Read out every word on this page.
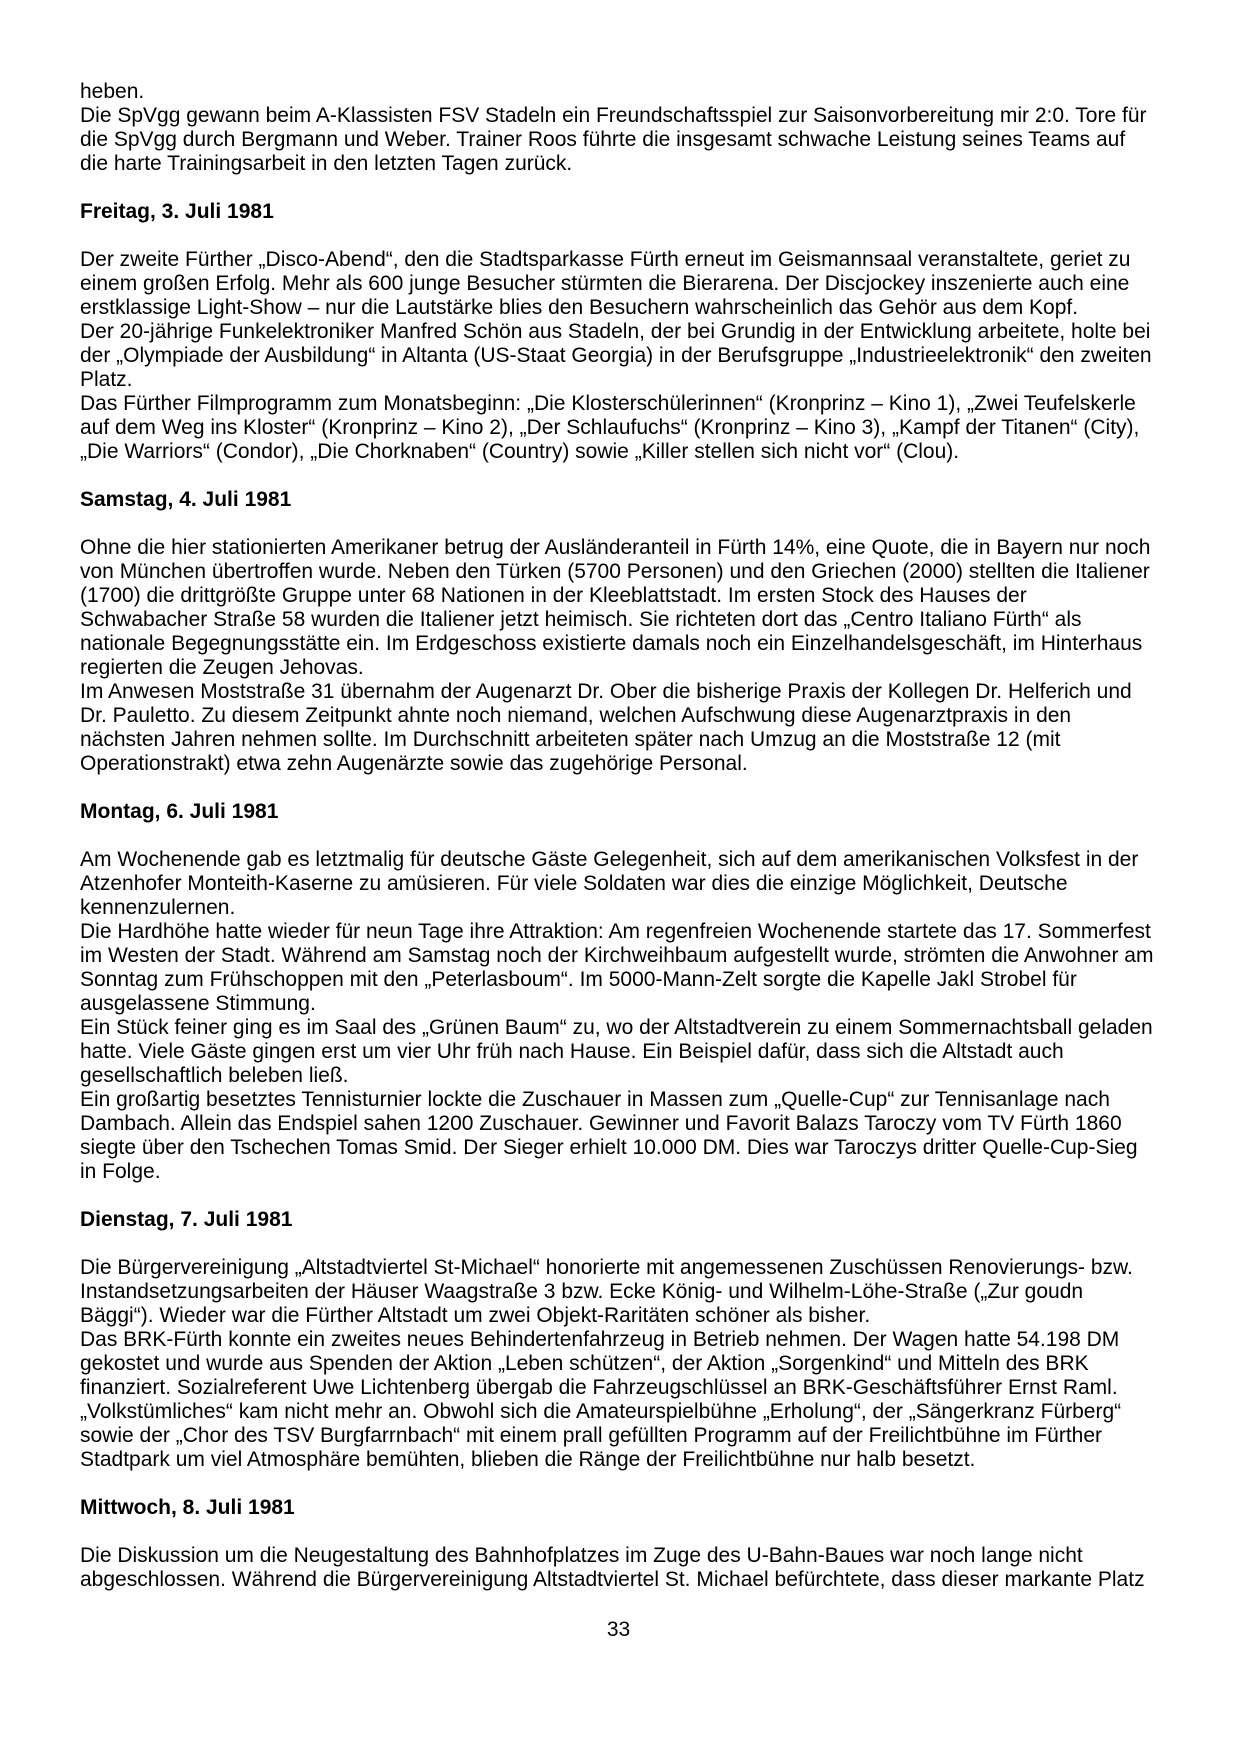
heben.

Die SpVgg gewann beim A-Klassisten FSV Stadeln ein Freundschaftsspiel zur Saisonvorbereitung mir 2:0. Tore für die SpVgg durch Bergmann und Weber. Trainer Roos führte die insgesamt schwache Leistung seines Teams auf die harte Trainingsarbeit in den letzten Tagen zurück.

Freitag, 3. Juli 1981

Der zweite Fürther „Disco-Abend“, den die Stadtsparkasse Fürth erneut im Geismannsaal veranstaltete, geriet zu einem großen Erfolg. Mehr als 600 junge Besucher stürmten die Bierarena. Der Discjockey inszenierte auch eine erstklassige Light-Show – nur die Lautstärke blies den Besuchern wahrscheinlich das Gehör aus dem Kopf.

Der 20-jährige Funkelektroniker Manfred Schön aus Stadeln, der bei Grundig in der Entwicklung arbeitete, holte bei der „Olympiade der Ausbildung“ in Altanta (US-Staat Georgia) in der Berufsgruppe „Industrieelektronik“ den zweiten Platz.

Das Fürther Filmprogramm zum Monatsbeginn: „Die Klosterschülerinnen“ (Kronprinz – Kino 1), „Zwei Teufelskerle auf dem Weg ins Kloster“ (Kronprinz – Kino 2), „Der Schlaufuchs“ (Kronprinz – Kino 3), „Kampf der Titanen“ (City), „Die Warriors“ (Condor), „Die Chorknaben“ (Country) sowie „Killer stellen sich nicht vor“ (Clou).

Samstag, 4. Juli 1981

Ohne die hier stationierten Amerikaner betrug der Ausländeranteil in Fürth 14%, eine Quote, die in Bayern nur noch von München übertroffen wurde. Neben den Türken (5700 Personen) und den Griechen (2000) stellten die Italiener (1700) die drittgrößte Gruppe unter 68 Nationen in der Kleeblattstadt. Im ersten Stock des Hauses der Schwabacher Straße 58 wurden die Italiener jetzt heimisch. Sie richteten dort das „Centro Italiano Fürth“ als nationale Begegnungsstätte ein. Im Erdgeschoss existierte damals noch ein Einzelhandelsgeschäft, im Hinterhaus regierten die Zeugen Jehovas.

Im Anwesen Moststraße 31 übernahm der Augenarzt Dr. Ober die bisherige Praxis der Kollegen Dr. Helferich und Dr. Pauletto. Zu diesem Zeitpunkt ahnte noch niemand, welchen Aufschwung diese Augenarztpraxis in den nächsten Jahren nehmen sollte. Im Durchschnitt arbeiteten später nach Umzug an die Moststraße 12 (mit Operationstrakt) etwa zehn Augenärzte sowie das zugehörige Personal.

Montag, 6. Juli 1981

Am Wochenende gab es letztmalig für deutsche Gäste Gelegenheit, sich auf dem amerikanischen Volksfest in der Atzenhofer Monteith-Kaserne zu amüsieren. Für viele Soldaten war dies die einzige Möglichkeit, Deutsche kennenzulernen.

Die Hardhöhe hatte wieder für neun Tage ihre Attraktion: Am regenfreien Wochenende startete das 17. Sommerfest im Westen der Stadt. Während am Samstag noch der Kirchweihbaum aufgestellt wurde, strömten die Anwohner am Sonntag zum Frühschoppen mit den „Peterlasboum“. Im 5000-Mann-Zelt sorgte die Kapelle Jakl Strobel für ausgelassene Stimmung.

Ein Stück feiner ging es im Saal des „Grünen Baum“ zu, wo der Altstadtverein zu einem Sommernachtsball geladen hatte. Viele Gäste gingen erst um vier Uhr früh nach Hause. Ein Beispiel dafür, dass sich die Altstadt auch gesellschaftlich beleben ließ.

Ein großartig besetztes Tennisturnier lockte die Zuschauer in Massen zum „Quelle-Cup“ zur Tennisanlage nach Dambach. Allein das Endspiel sahen 1200 Zuschauer. Gewinner und Favorit Balazs Taroczy vom TV Fürth 1860 siegte über den Tschechen Tomas Smid. Der Sieger erhielt 10.000 DM. Dies war Taroczys dritter Quelle-Cup-Sieg in Folge.

Dienstag, 7. Juli 1981

Die Bürgervereinigung „Altstadtviertel St-Michael“ honorierte mit angemessenen Zuschüssen Renovierungs- bzw. Instandsetzungsarbeiten der Häuser Waagstraße 3 bzw. Ecke König- und Wilhelm-Löhe-Straße („Zur goudn Bäggi“). Wieder war die Fürther Altstadt um zwei Objekt-Raritäten schöner als bisher.

Das BRK-Fürth konnte ein zweites neues Behindertenfahrzeug in Betrieb nehmen. Der Wagen hatte 54.198 DM gekostet und wurde aus Spenden der Aktion „Leben schützen“, der Aktion „Sorgenkind“ und Mitteln des BRK finanziert. Sozialreferent Uwe Lichtenberg übergab die Fahrzeugschlüssel an BRK-Geschäftsführer Ernst Raml.

„Volkstümliches“ kam nicht mehr an. Obwohl sich die Amateurspielbühne „Erholung“, der „Sängerkranz Fürberg“ sowie der „Chor des TSV Burgfarrnbach“ mit einem prall gefüllten Programm auf der Freilichtbühne im Fürther Stadtpark um viel Atmosphäre bemühten, blieben die Ränge der Freilichtbühne nur halb besetzt.

Mittwoch, 8. Juli 1981

Die Diskussion um die Neugestaltung des Bahnhofplatzes im Zuge des U-Bahn-Baues war noch lange nicht abgeschlossen. Während die Bürgervereinigung Altstadtviertel St. Michael befürchtete, dass dieser markante Platz

33
